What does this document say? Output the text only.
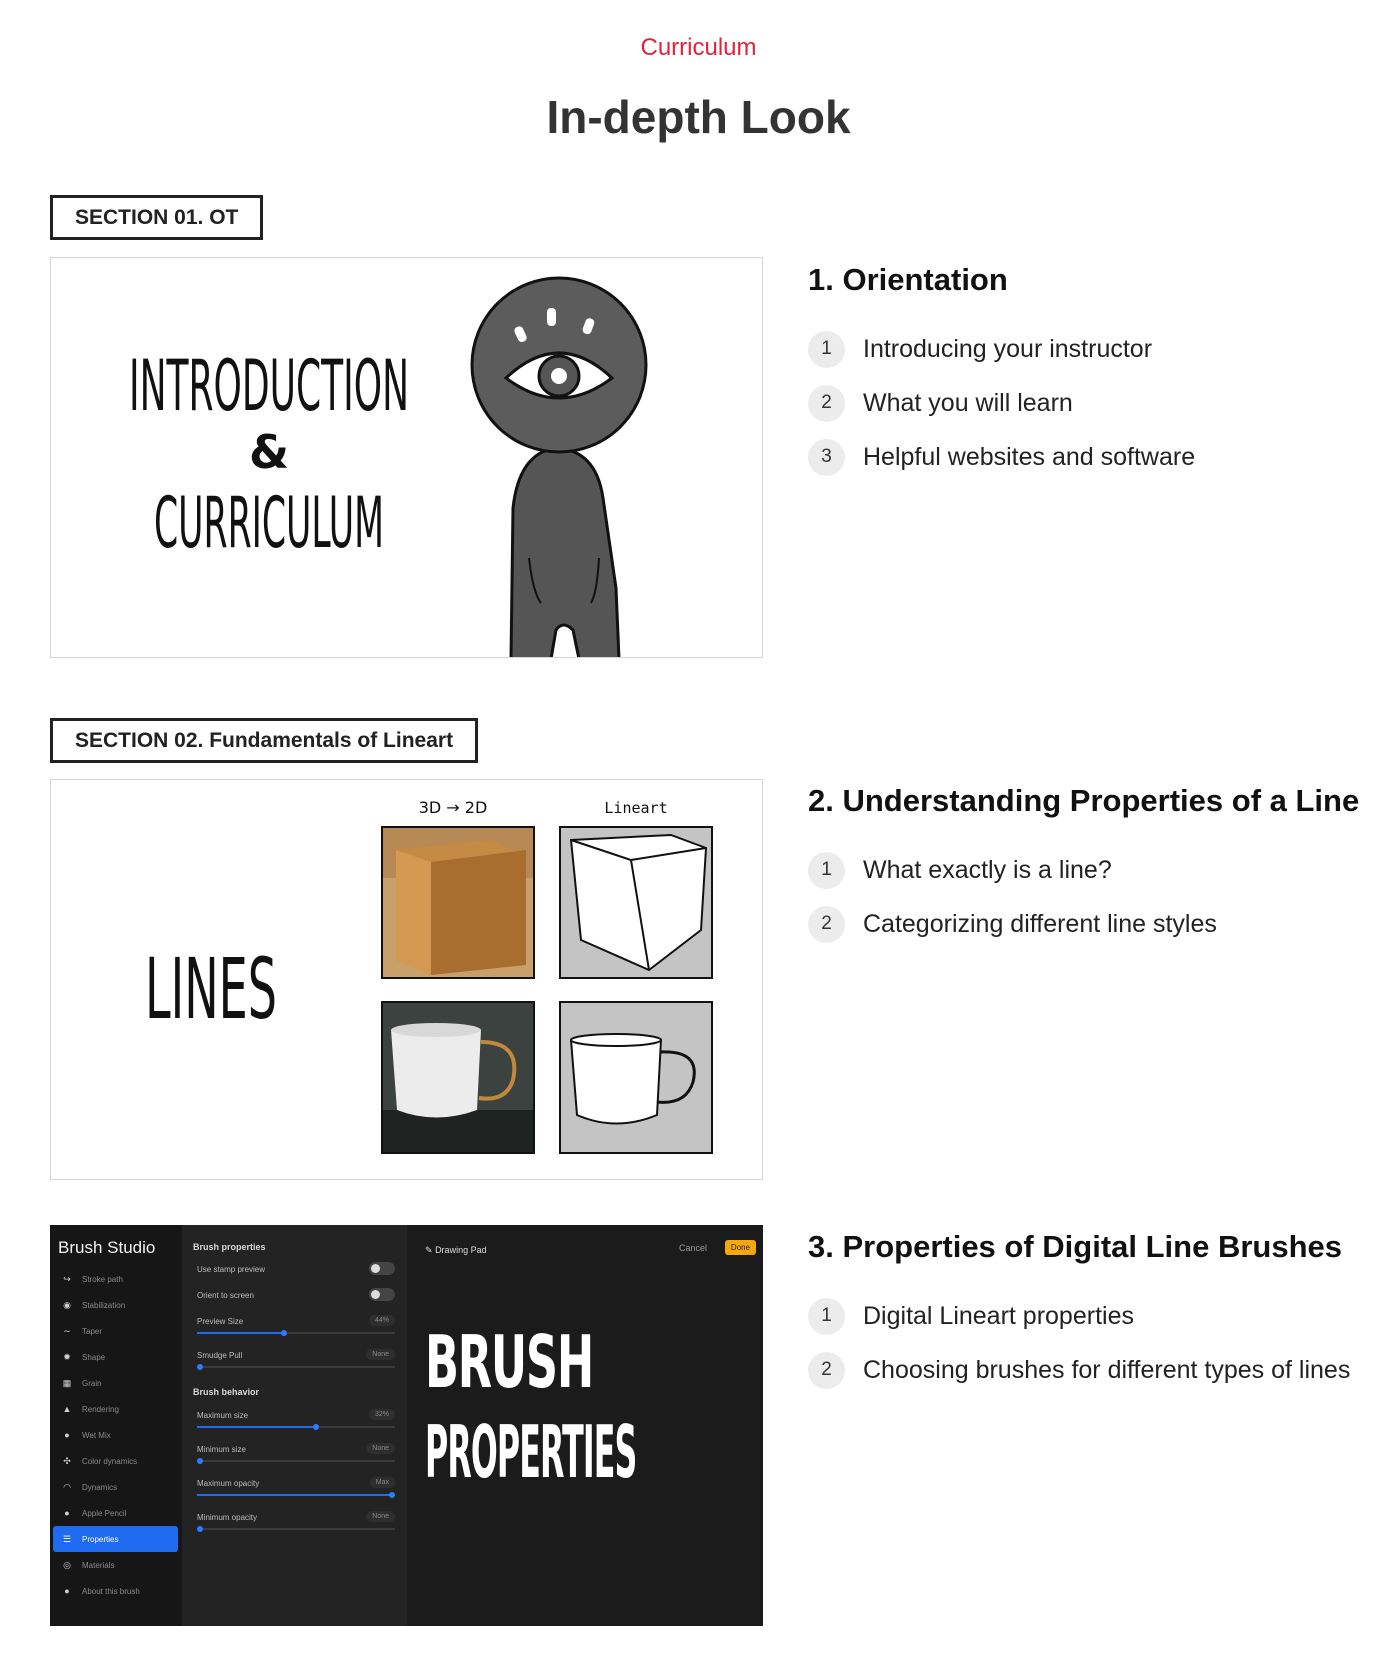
Curriculum
In-depth Look
SECTION 01. OT
INTRODUCTION
&
CURRICULUM
1. Orientation
1	Introducing your instructor
2	What you will learn
3	Helpful websites and software
SECTION 02. Fundamentals of Lineart
LINES
3D → 2D	Lineart	2. Understanding Properties of a Line
1	What exactly is a line?
2	Categorizing different line styles
Brush Studio
↪ Stroke path
◉ Stabilization
∼ Taper
✹ Shape
▦ Grain
▲ Rendering
●	Wet Mix
✣ Color dynamics
◠ Dynamics
●	Apple Pencil
☰ Properties
◎ Materials
●	About this brush
Brush properties
Use stamp preview
Orient to screen
Preview Size	44%
Smudge Pull	None
Brush behavior
Maximum size	32%
Minimum size	None
Maximum opacity	Max
Minimum opacity	None
✎ Drawing Pad	Cancel	Done
BRUSH
PROPERTIES
3. Properties of Digital Line Brushes
1	Digital Lineart properties
2	Choosing brushes for different types of lines
